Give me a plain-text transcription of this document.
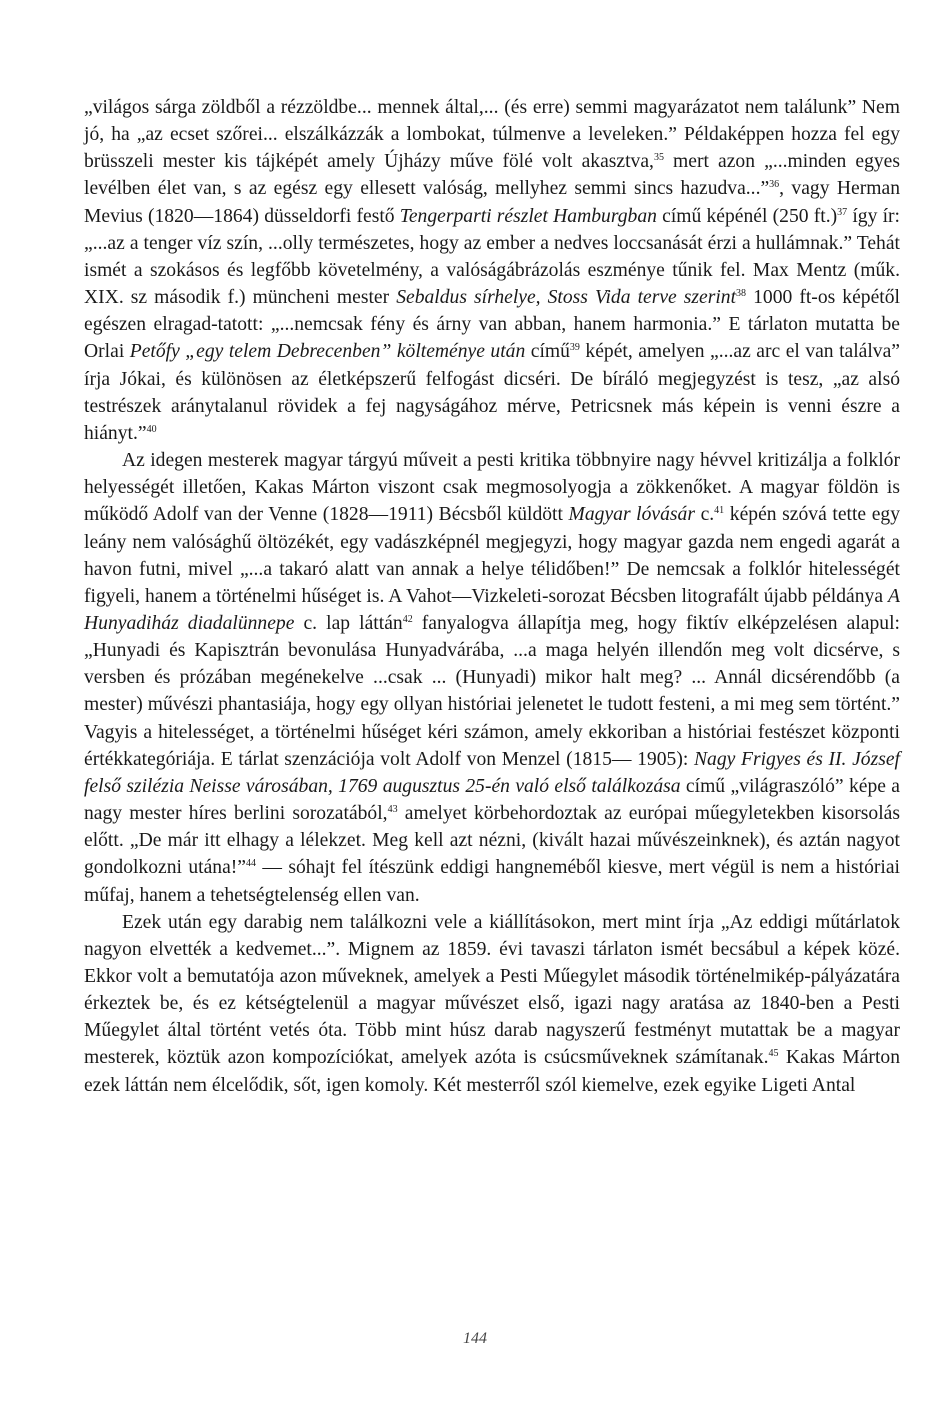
„világos sárga zöldből a rézzöldbe... mennek által,... (és erre) semmi magyarázatot nem találunk” Nem jó, ha „az ecset szőrei... elszálkázzák a lombokat, túlmenve a leveleken.” Példaképpen hozza fel egy brüsszeli mester kis tájképét amely Újházy műve fölé volt akasztva,$^{35}$ mert azon „...minden egyes levélben élet van, s az egész egy ellesett valóság, mellyhez semmi sincs hazudva...”$^{36}$, vagy Herman Mevius (1820—1864) düsseldorfi festő Tengerparti részlet Hamburgban című képénél (250 ft.)$^{37}$ így ír: „...az a tenger víz szín, ...olly természetes, hogy az ember a nedves loccsanását érzi a hullámnak.” Tehát ismét a szokásos és legfőbb követelmény, a valóságábrázolás eszménye tűnik fel. Max Mentz (műk. XIX. sz második f.) müncheni mester Sebaldus sírhelye, Stoss Vida terve szerint$^{38}$ 1000 ft-os képétől egészen elragad-tatott: „...nemcsak fény és árny van abban, hanem harmonia.” E tárlaton mutatta be Orlai Petőfy „egy telem Debrecenben” költeménye után című$^{39}$ képét, amelyen „...az arc el van találva” írja Jókai, és különösen az életképszerű felfogást dicséri. De bíráló megjegyzést is tesz, „az alsó testrészek aránytalanul rövidek a fej nagyságához mérve, Petricsnek más képein is venni észre a hiányt.”$^{40}$

Az idegen mesterek magyar tárgyú műveit a pesti kritika többnyire nagy hévvel kritizálja a folklór helyességét illetően, Kakas Márton viszont csak megmosolyogja a zökkenőket. A magyar földön is működő Adolf van der Venne (1828—1911) Bécsből küldött Magyar lóvásár c.$^{41}$ képén szóvá tette egy leány nem valósághű öltözékét, egy vadászképnél megjegyzi, hogy magyar gazda nem engedi agarát a havon futni, mivel „...a takaró alatt van annak a helye télidőben!” De nemcsak a folklór hitelességét figyeli, hanem a történelmi hűséget is. A Vahot—Vizkeleti-sorozat Bécsben litografált újabb példánya A Hunyadiház diadalünnepe c. lap láttán$^{42}$ fanyalogva állapítja meg, hogy fiktív elképzelésen alapul: „Hunyadi és Kapisztrán bevonulása Hunyadvárába, ...a maga helyén illendőn meg volt dicsérve, s versben és prózában megénekelve ...csak ... (Hunyadi) mikor halt meg? ... Annál dicsérendőbb (a mester) művészi phantasiája, hogy egy ollyan históriai jelenetet le tudott festeni, a mi meg sem történt.” Vagyis a hitelességet, a történelmi hűséget kéri számon, amely ekkoriban a históriai festészet központi értékkategóriája. E tárlat szenzációja volt Adolf von Menzel (1815— 1905): Nagy Frigyes és II. József felső szilézia Neisse városában, 1769 augusztus 25-én való első találkozása című „világraszóló” képe a nagy mester híres berlini sorozatából,$^{43}$ amelyet körbehordoztak az európai műegyletekben kisorsolás előtt. „De már itt elhagy a lélekzet. Meg kell azt nézni, (kivált hazai művészeinknek), és aztán nagyot gondolkozni utána!”$^{44}$ — sóhajt fel ítészünk eddigi hangneméből kiesve, mert végül is nem a históriai műfaj, hanem a tehetségtelenség ellen van.

Ezek után egy darabig nem találkozni vele a kiállításokon, mert mint írja „Az eddigi műtárlatok nagyon elvették a kedvemet...”. Mignem az 1859. évi tavaszi tárlaton ismét becsábul a képek közé. Ekkor volt a bemutatója azon műveknek, amelyek a Pesti Műegylet második történelmikép-pályázatára érkeztek be, és ez kétségtelenül a magyar művészet első, igazi nagy aratása az 1840-ben a Pesti Műegylet által történt vetés óta. Több mint húsz darab nagyszerű festményt mutattak be a magyar mesterek, köztük azon kompozíciókat, amelyek azóta is csúcsműveknek számítanak.$^{45}$ Kakas Márton ezek láttán nem élcelődik, sőt, igen komoly. Két mesterről szól kiemelve, ezek egyike Ligeti Antal

144
